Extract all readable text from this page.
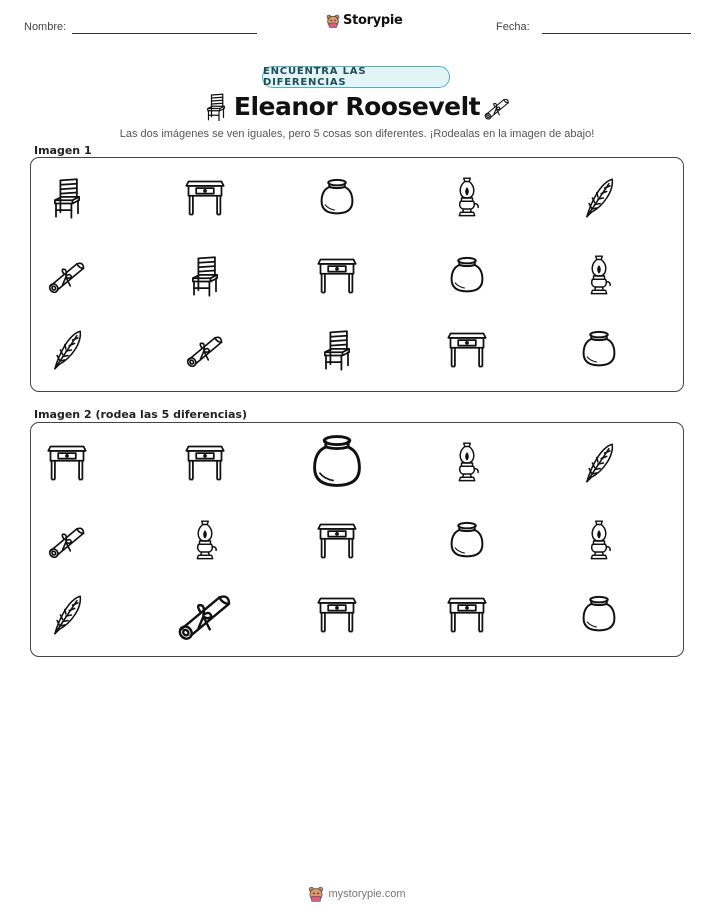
Nombre:	Storypie	Fecha:
ENCUENTRA LAS DIFERENCIAS
Eleanor Roosevelt
Las dos imágenes se ven iguales, pero 5 cosas son diferentes. ¡Rodealas en la imagen de abajo!
Imagen 1
Imagen 2 (rodea las 5 diferencias)
mystorypie.com
